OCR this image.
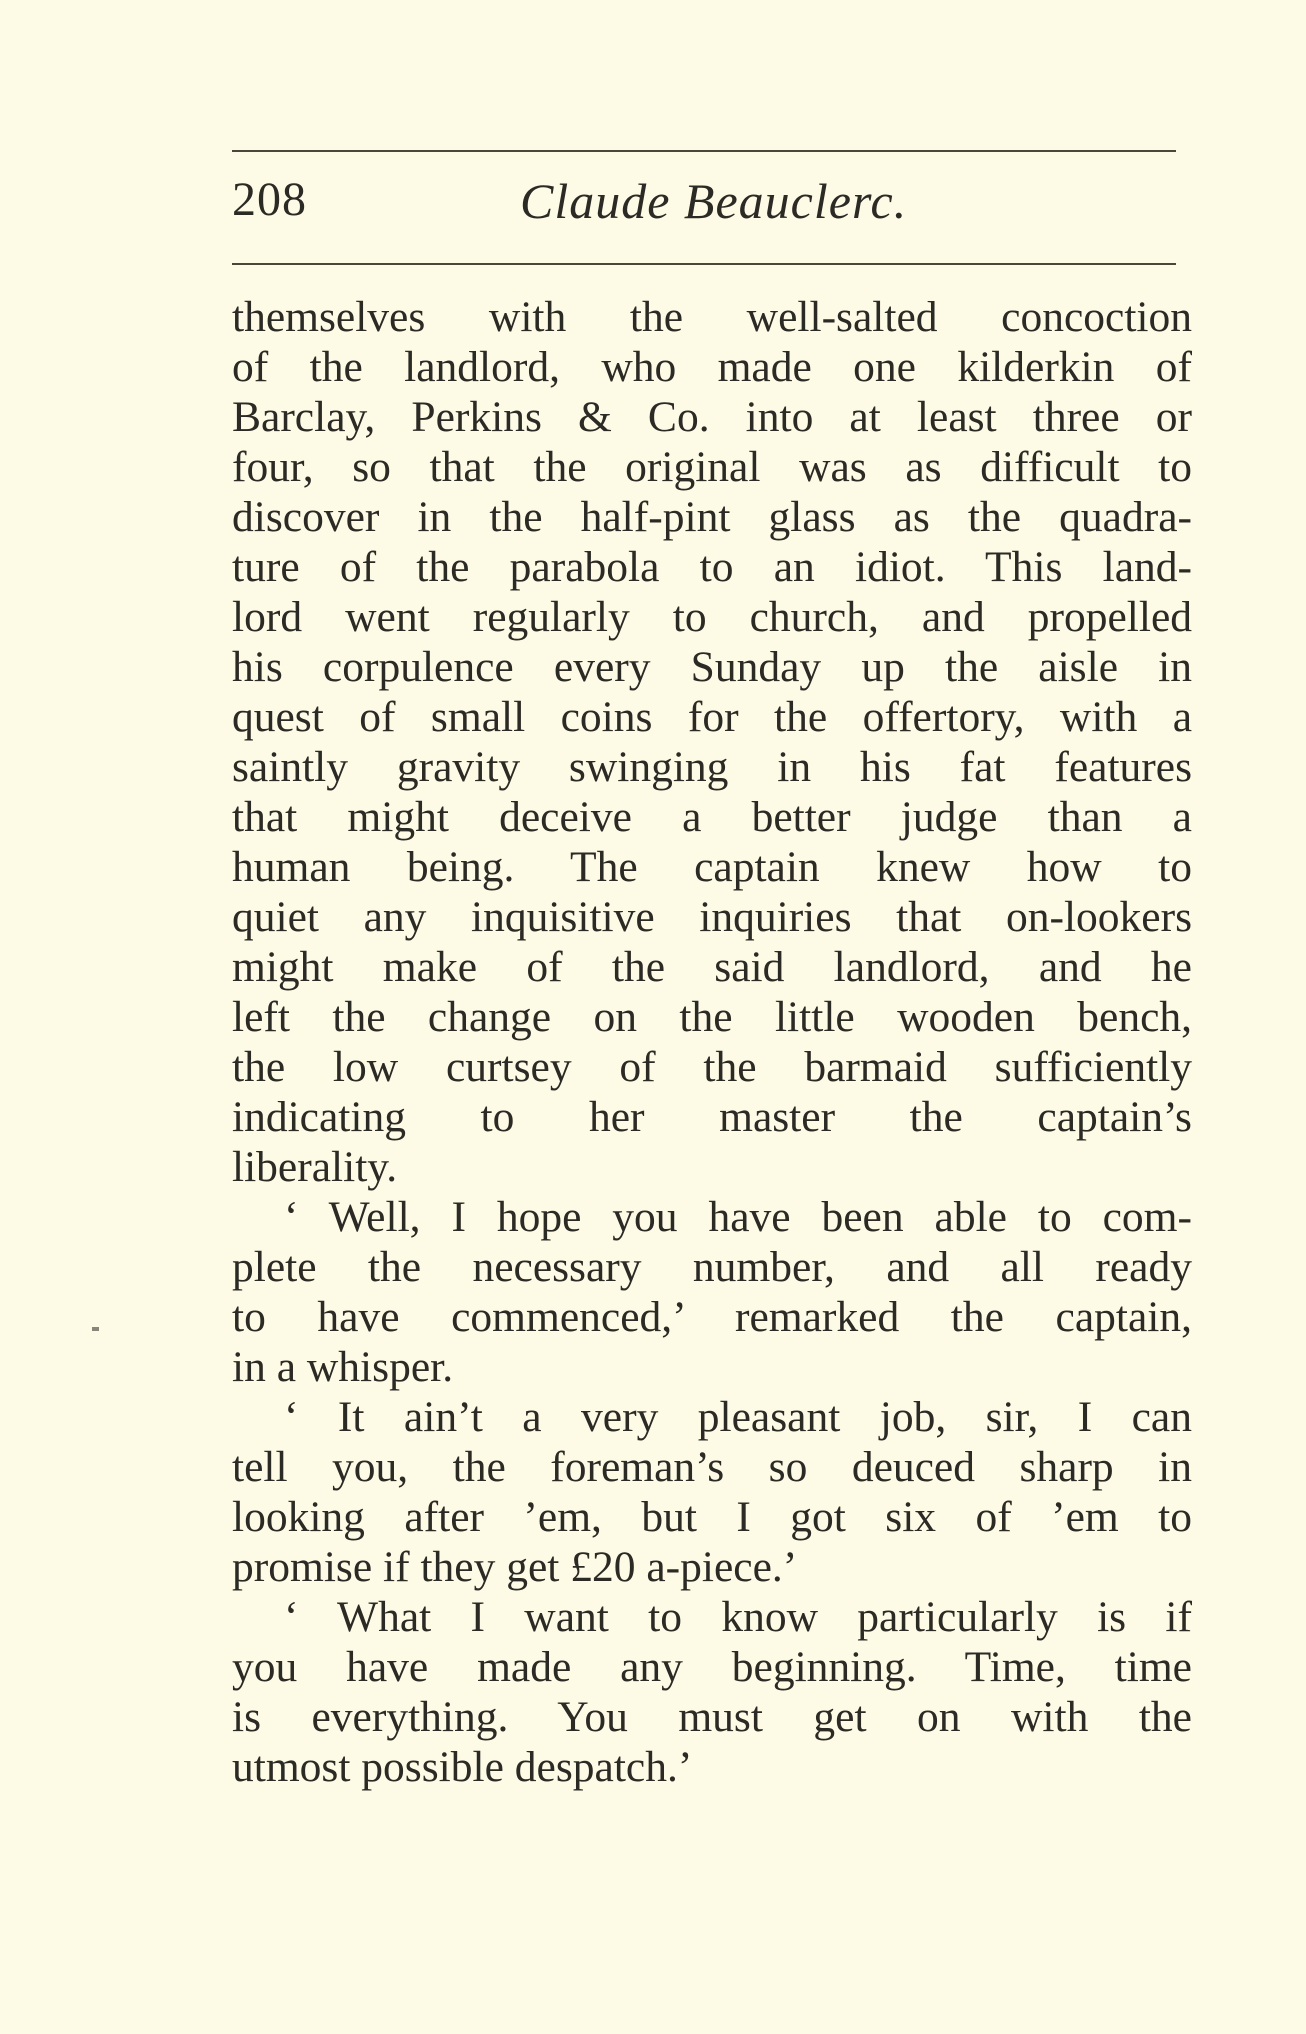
208	Claude Beauclerc.
themselves with the well-salted concoction
of the landlord, who made one kilderkin of
Barclay, Perkins & Co. into at least three or
four, so that the original was as difficult to
discover in the half-pint glass as the quadra-
ture of the parabola to an idiot. This land-
lord went regularly to church, and propelled
his corpulence every Sunday up the aisle in
quest of small coins for the offertory, with a
saintly gravity swinging in his fat features
that might deceive a better judge than a
human being. The captain knew how to
quiet any inquisitive inquiries that on-lookers
might make of the said landlord, and he
left the change on the little wooden bench,
the low curtsey of the barmaid sufficiently
indicating to her master the captain’s
liberality.
‘ Well, I hope you have been able to com-
plete the necessary number, and all ready
to have commenced,’ remarked the captain,
in a whisper.
‘ It ain’t a very pleasant job, sir, I can
tell you, the foreman’s so deuced sharp in
looking after ’em, but I got six of ’em to
promise if they get £20 a-piece.’
‘ What I want to know particularly is if
you have made any beginning. Time, time
is everything. You must get on with the
utmost possible despatch.’
